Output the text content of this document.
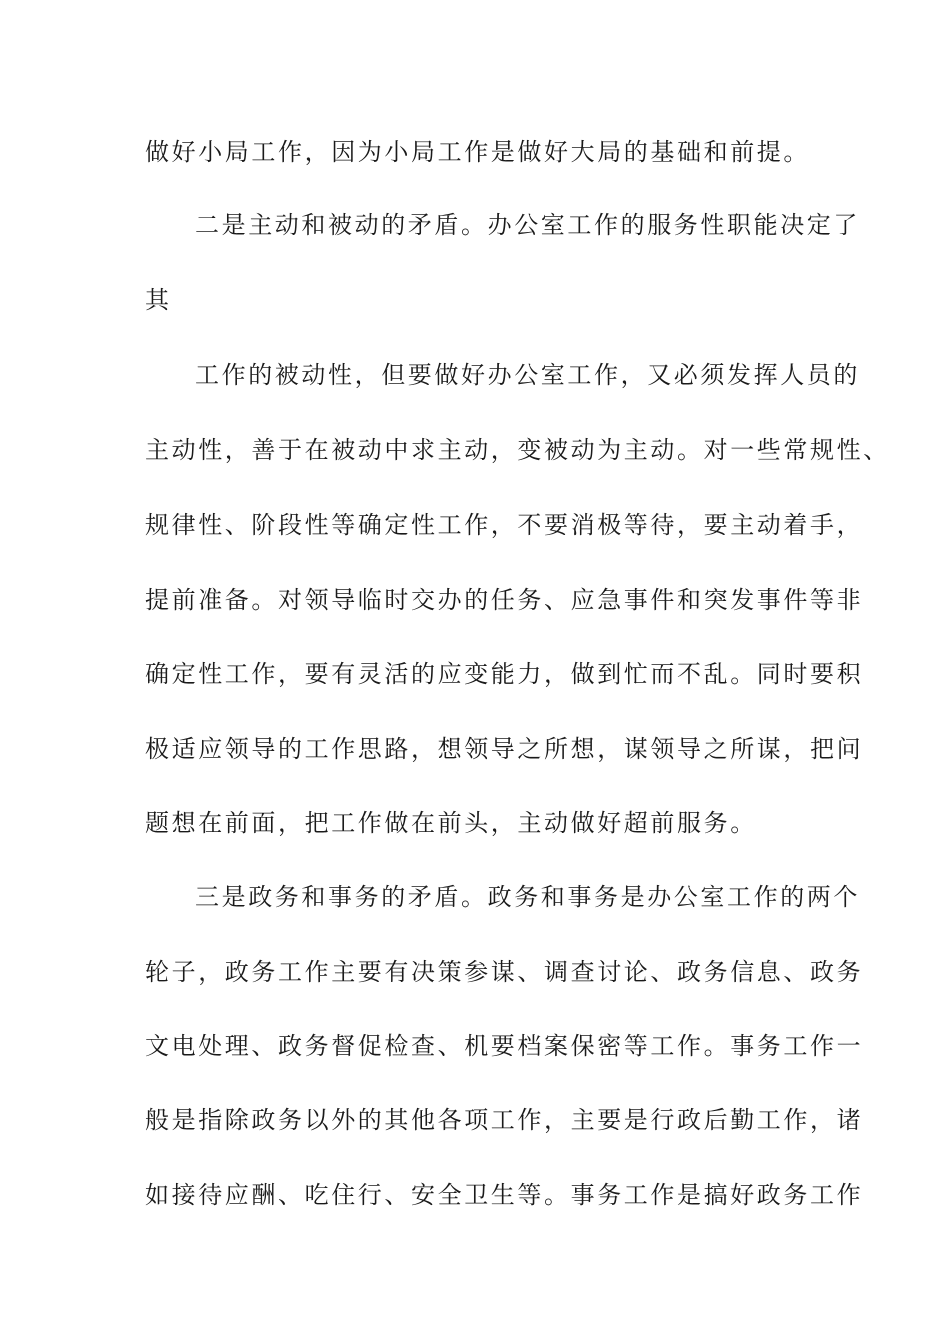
做好小局工作，因为小局工作是做好大局的基础和前提。
二是主动和被动的矛盾。办公室工作的服务性职能决定了
其
工作的被动性，但要做好办公室工作，又必须发挥人员的
主动性，善于在被动中求主动，变被动为主动。对一些常规性、
规律性、阶段性等确定性工作，不要消极等待，要主动着手，
提前准备。对领导临时交办的任务、应急事件和突发事件等非
确定性工作，要有灵活的应变能力，做到忙而不乱。同时要积
极适应领导的工作思路，想领导之所想，谋领导之所谋，把问
题想在前面，把工作做在前头，主动做好超前服务。
三是政务和事务的矛盾。政务和事务是办公室工作的两个
轮子，政务工作主要有决策参谋、调查讨论、政务信息、政务
文电处理、政务督促检查、机要档案保密等工作。事务工作一
般是指除政务以外的其他各项工作，主要是行政后勤工作，诸
如接待应酬、吃住行、安全卫生等。事务工作是搞好政务工作
